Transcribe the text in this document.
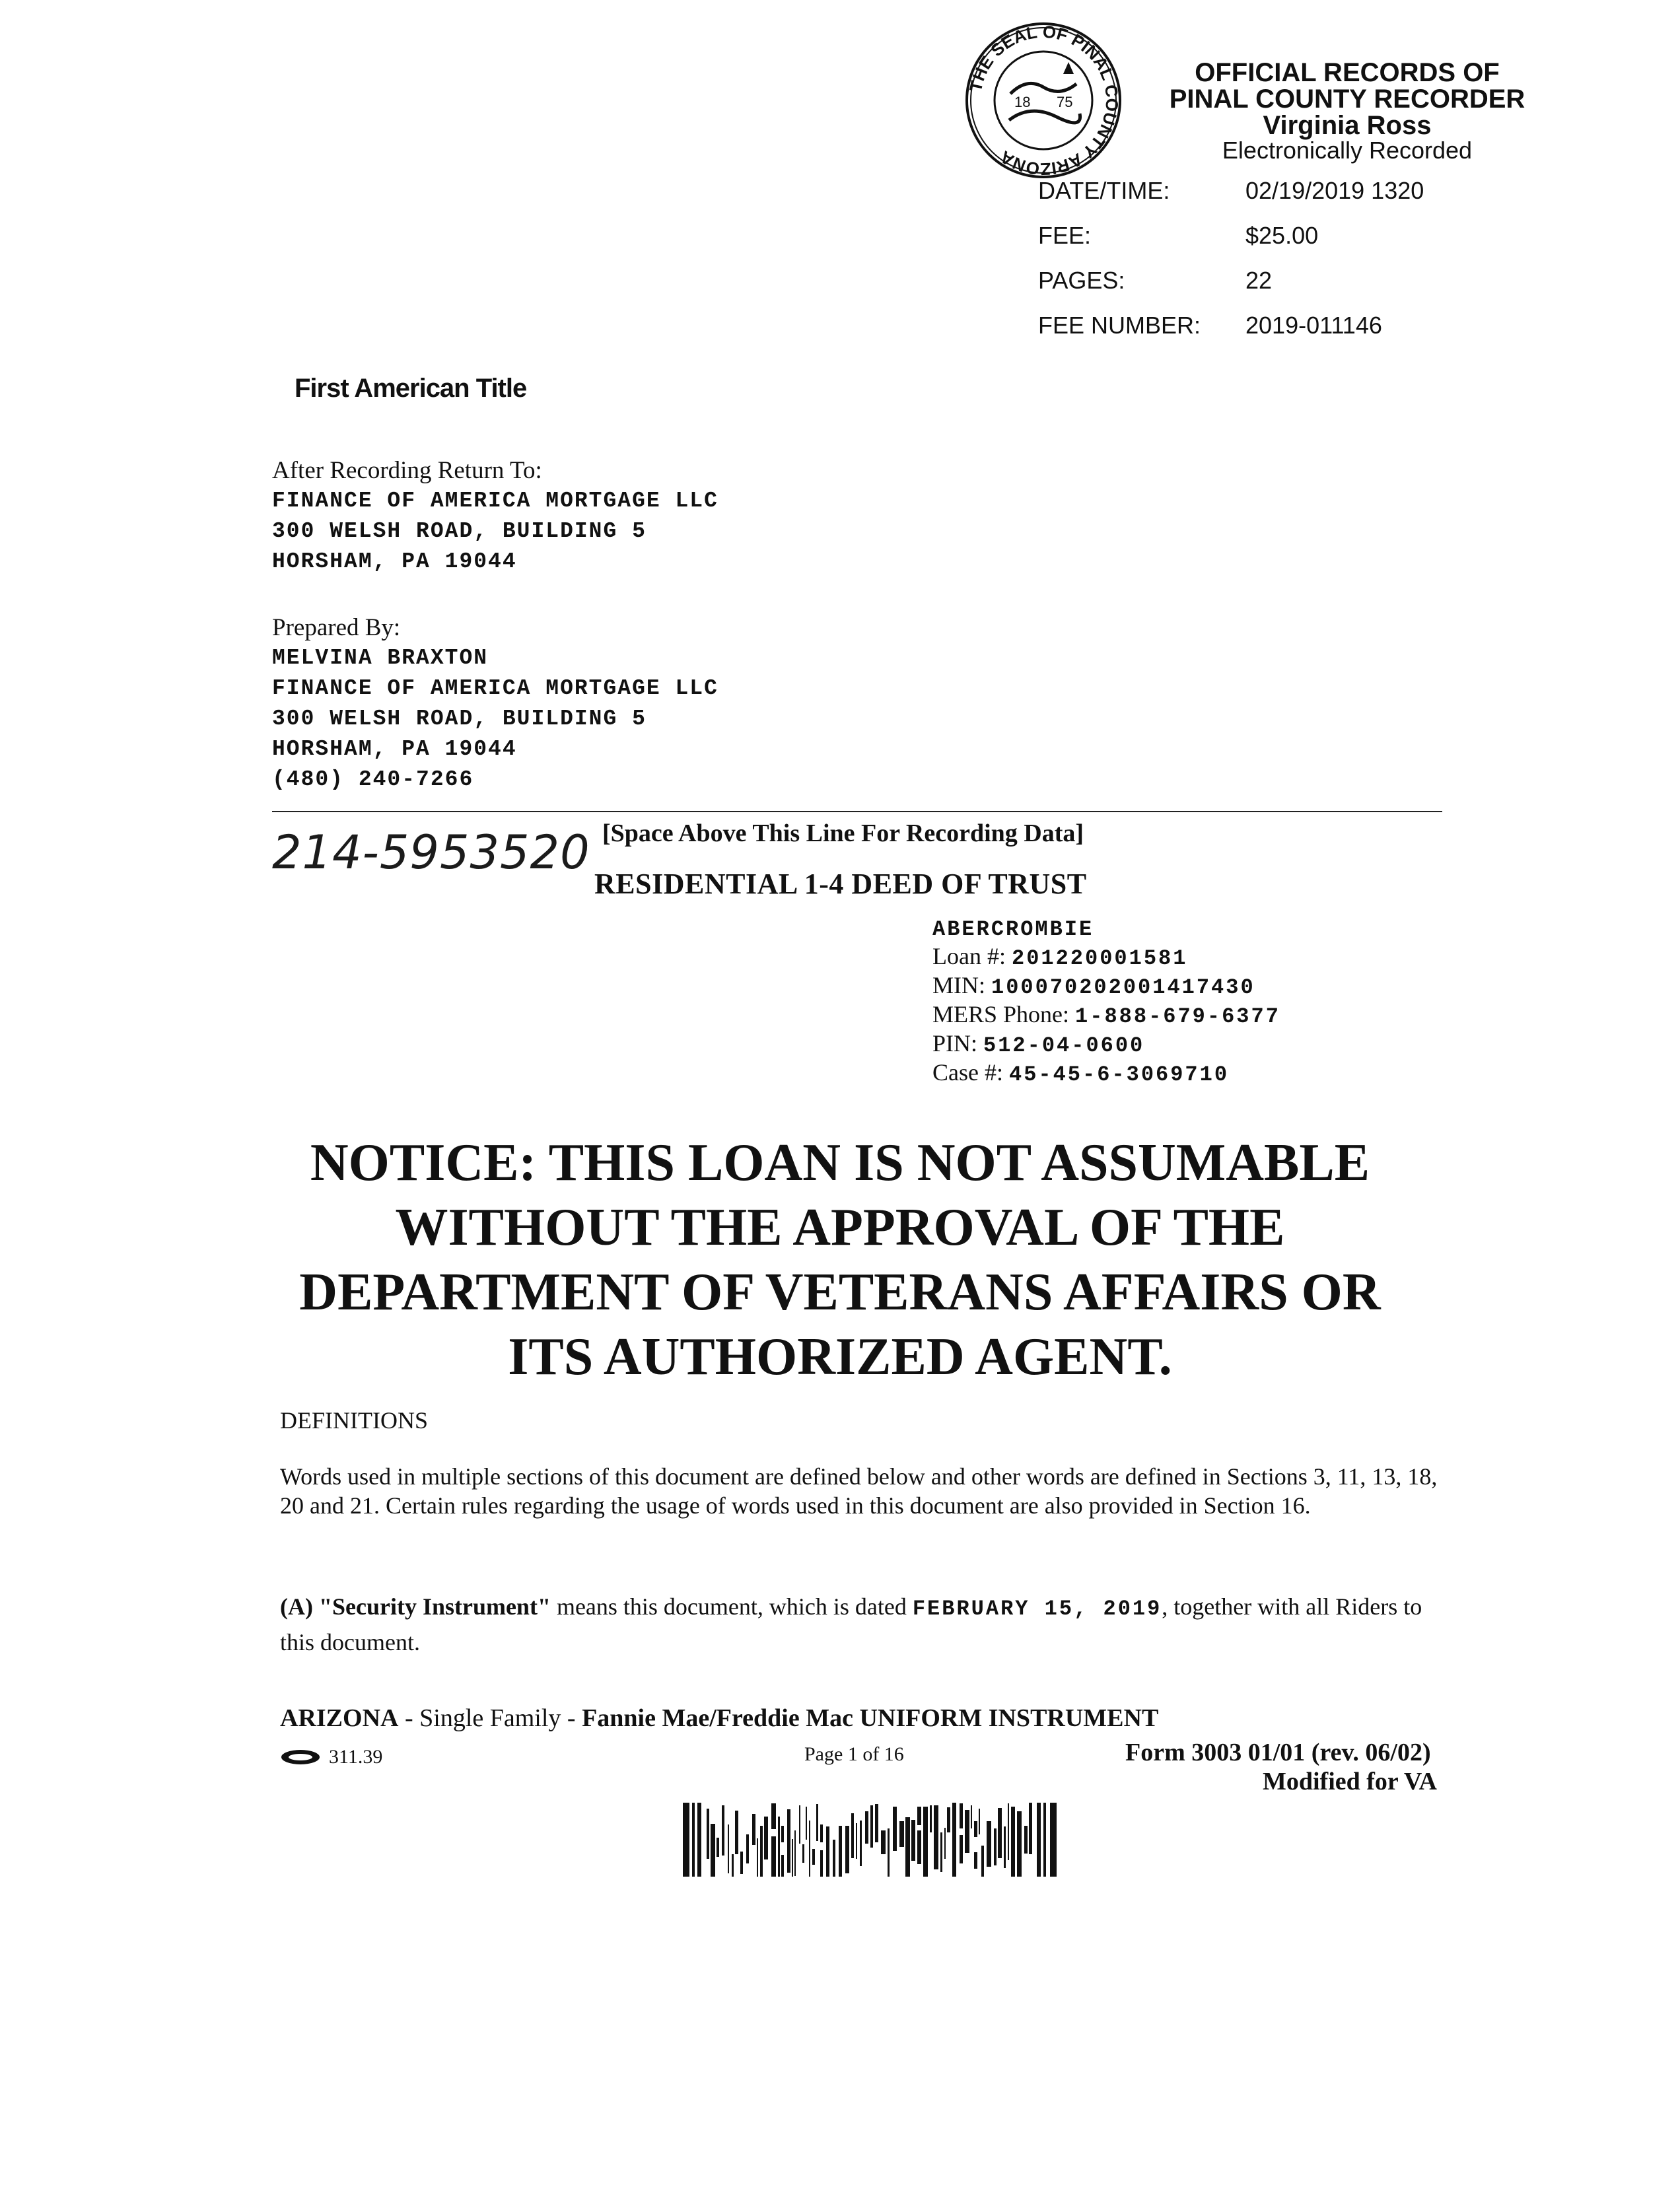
THE SEAL OF PINAL COUNTY ARIZONA
18 75
OFFICIAL RECORDS OF
PINAL COUNTY RECORDER
Virginia Ross
Electronically Recorded
DATE/TIME:	02/19/2019 1320
FEE:	$25.00
PAGES:	22
FEE NUMBER: 2019-011146
First American Title
After Recording Return To:
FINANCE OF AMERICA MORTGAGE LLC
300 WELSH ROAD, BUILDING 5
HORSHAM, PA 19044
Prepared By:
MELVINA BRAXTON
FINANCE OF AMERICA MORTGAGE LLC
300 WELSH ROAD, BUILDING 5
HORSHAM, PA 19044
(480) 240-7266
214-5953520 [Space Above This Line For Recording Data]
RESIDENTIAL 1-4 DEED OF TRUST
ABERCROMBIE
Loan #: 201220001581
MIN: 100070202001417430
MERS Phone: 1-888-679-6377
PIN: 512-04-0600
Case #: 45-45-6-3069710
NOTICE: THIS LOAN IS NOT ASSUMABLE
WITHOUT THE APPROVAL OF THE
DEPARTMENT OF VETERANS AFFAIRS OR
ITS AUTHORIZED AGENT.
DEFINITIONS
Words used in multiple sections of this document are defined below and other words are defined in Sections 3, 11, 13, 18, 20 and 21. Certain rules regarding the usage of words used in this document are also provided in Section 16.
(A) "Security Instrument" means this document, which is dated FEBRUARY 15, 2019, together with all Riders to this document.
ARIZONA - Single Family - Fannie Mae/Freddie Mac UNIFORM INSTRUMENT
311.39	Page 1 of 16	Form 3003 01/01 (rev. 06/02)
Modified for VA
